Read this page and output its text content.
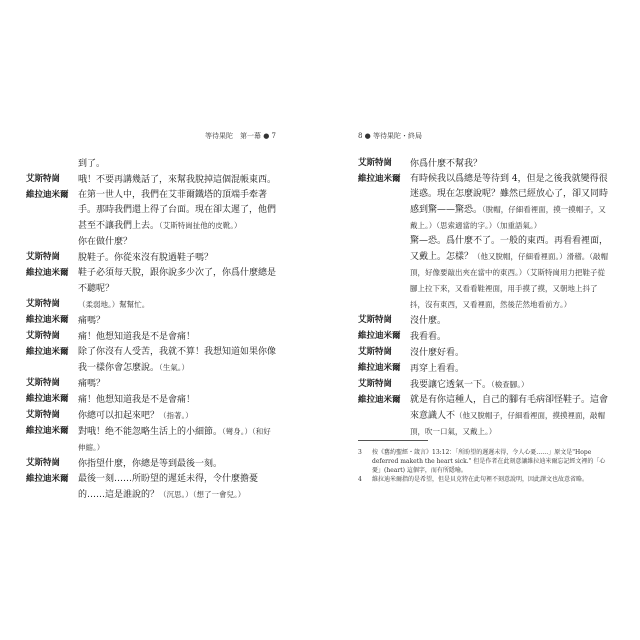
等待果陀　第一幕 ● 7
到了。
艾斯特崗	哦！不要再講幾話了，來幫我脫掉這個混帳東西。
維拉迪米爾	在第一世人中，我們在艾菲爾鐵塔的頂端手牽著手。那時我們還上得了台面。現在卻太遲了，他們甚至不讓我們上去。（艾斯特崗扯他的皮靴。）
你在做什麼？
艾斯特崗	脫鞋子。你從來沒有脫過鞋子嗎？
維拉迪米爾	鞋子必須每天脫，跟你說多少次了，你爲什麼總是不聽呢？
艾斯特崗	（柔弱地。）幫幫忙。
維拉迪米爾	痛嗎？
艾斯特崗	痛！他想知道我是不是會痛！
維拉迪米爾	除了你沒有人受苦，我就不算！我想知道如果你像我一樣你會怎麼說。（生氣。）
艾斯特崗	痛嗎？
維拉迪米爾	痛！他想知道我是不是會痛！
艾斯特崗	你總可以扣起來吧？（指著。）
維拉迪米爾	對哦！绝不能忽略生活上的小細節。（彎身。）（和好伸縮。）
艾斯特崗	你指望什麼，你總是等到最後一刻。
維拉迪米爾	最後一刻……所盼望的遲延未得，令什麼擔憂的……這是誰說的？（沉思。）（想了一會兒。）
8 ● 等待果陀・終局
艾斯特崗	你爲什麼不幫我？
維拉迪米爾	有時候我以爲總是等待到 4，但是之後我就變得很迷惑。現在怎麼說呢？雖然已經放心了，卻又同時感到驚——驚恐。（脫帽，仔細看裡面，摸一摸帽子，又戴上。）（思索適當的字。）（加重語氣。）
驚—恐。爲什麼不了。一般的東西。再看看裡面，又戴上。怎樣？（他又脫帽，仔細看裡面。）滑稽。（敲帽頂，好像要敲出夾在當中的東西。）（艾斯特崗用力把鞋子從腳上拉下來，又看看鞋裡面，用手摸了摸，又朝地上抖了抖，沒有東西，又看裡面，然後茫然地看前方。）
艾斯特崗	沒什麼。
維拉迪米爾	我看看。
艾斯特崗	沒什麼好看。
維拉迪米爾	再穿上看看。
艾斯特崗	我要讓它透氣一下。（檢查腳。）
維拉迪米爾	就是有你這種人，自己的腳有毛病卻怪鞋子。這會來意識人不（他又脫帽子，仔細看裡面，摸摸裡面，敲帽頂，吹一口氣，又戴上。）
3	按《舊約聖經・箴言》13:12：「所盼望的遲遲未得，令人心憂……」原文是"Hope deferred maketh the heart sick." 但是作者在此刻意讓維拉迪米爾忘記經文裡的「心憂」(heart) 這個字，而有所隱喻。
4	維拉迪米爾指的是希望，但是貝克特在此句裡不刻意說明，因此譯文也故意省略。
